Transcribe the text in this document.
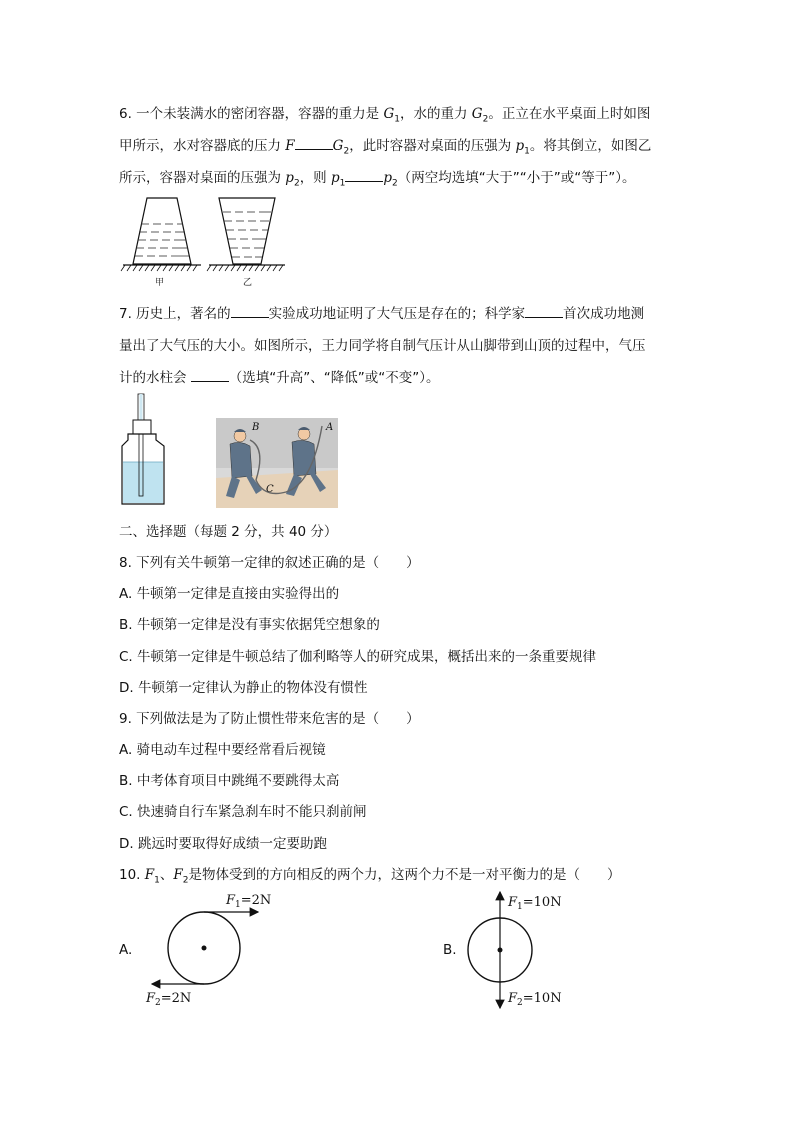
6. 一个未装满水的密闭容器，容器的重力是 $G_1$，水的重力 $G_2$。正立在水平桌面上时如图
甲所示，水对容器底的压力 F	$G_2$，此时容器对桌面的压强为 $p_1$。将其倒立，如图乙
所示，容器对桌面的压强为 $p_2$，则 $p_1$	$p_2$（两空均选填“大于”“小于”或“等于”）。
甲	乙
7. 历史上，著名的	实验成功地证明了大气压是存在的；科学家	首次成功地测
量出了大气压的大小。如图所示，王力同学将自制气压计从山脚带到山顶的过程中，气压
计的水柱会	（选填“升高”、“降低”或“不变”）。
B	A
C
二、选择题（每题 2 分，共 40 分）
8. 下列有关牛顿第一定律的叙述正确的是（　　）
A. 牛顿第一定律是直接由实验得出的
B. 牛顿第一定律是没有事实依据凭空想象的
C. 牛顿第一定律是牛顿总结了伽利略等人的研究成果，概括出来的一条重要规律
D. 牛顿第一定律认为静止的物体没有惯性
9. 下列做法是为了防止惯性带来危害的是（　　）
A. 骑电动车过程中要经常看后视镜
B. 中考体育项目中跳绳不要跳得太高
C. 快速骑自行车紧急刹车时不能只刹前闸
D. 跳远时要取得好成绩一定要助跑
10. $F_1$、$F_2$是物体受到的方向相反的两个力，这两个力不是一对平衡力的是（　　）
A.
$F_1=2N$
$F_2=2N$
B.
$F_1=10N$
$F_2=10N$
